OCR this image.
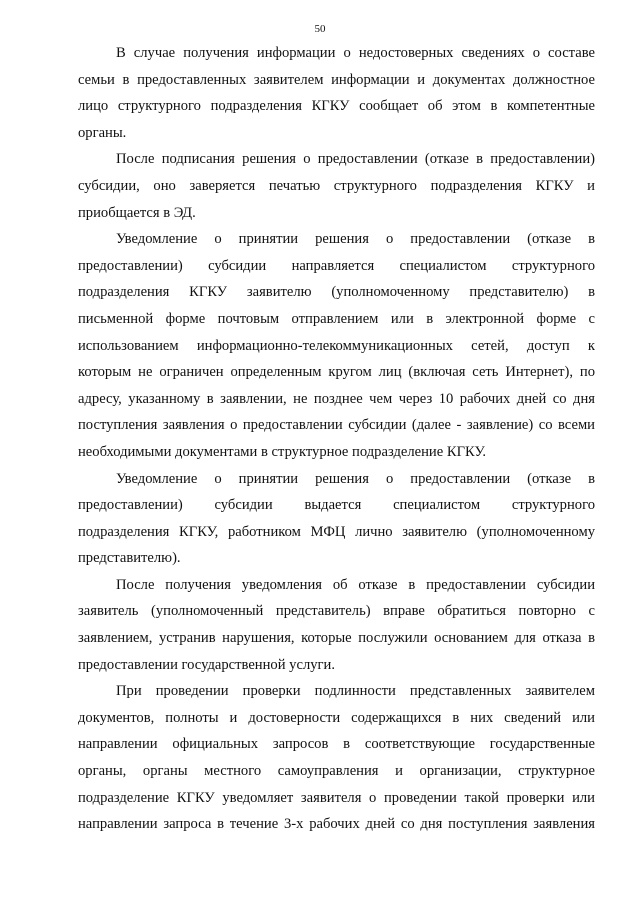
50

В случае получения информации о недостоверных сведениях о составе
семьи в предоставленных заявителем информации и документах должностное
лицо структурного подразделения КГКУ сообщает об этом в компетентные
органы.

После подписания решения о предоставлении (отказе в предоставлении)
субсидии, оно заверяется печатью структурного подразделения КГКУ и
приобщается в ЭД.

Уведомление о принятии решения о предоставлении (отказе в
предоставлении) субсидии направляется специалистом структурного
подразделения КГКУ заявителю (уполномоченному представителю) в
письменной форме почтовым отправлением или в электронной форме с
использованием информационно-телекоммуникационных сетей, доступ к
которым не ограничен определенным кругом лиц (включая сеть Интернет), по
адресу, указанному в заявлении, не позднее чем через 10 рабочих дней со дня
поступления заявления о предоставлении субсидии (далее - заявление) со всеми
необходимыми документами в структурное подразделение КГКУ.

Уведомление о принятии решения о предоставлении (отказе в
предоставлении) субсидии выдается специалистом структурного
подразделения КГКУ, работником МФЦ лично заявителю (уполномоченному
представителю).

После получения уведомления об отказе в предоставлении субсидии
заявитель (уполномоченный представитель) вправе обратиться повторно с
заявлением, устранив нарушения, которые послужили основанием для отказа в
предоставлении государственной услуги.

При проведении проверки подлинности представленных заявителем
документов, полноты и достоверности содержащихся в них сведений или
направлении официальных запросов в соответствующие государственные
органы, органы местного самоуправления и организации, структурное
подразделение КГКУ уведомляет заявителя о проведении такой проверки или
направлении запроса в течение 3-х рабочих дней со дня поступления заявления
